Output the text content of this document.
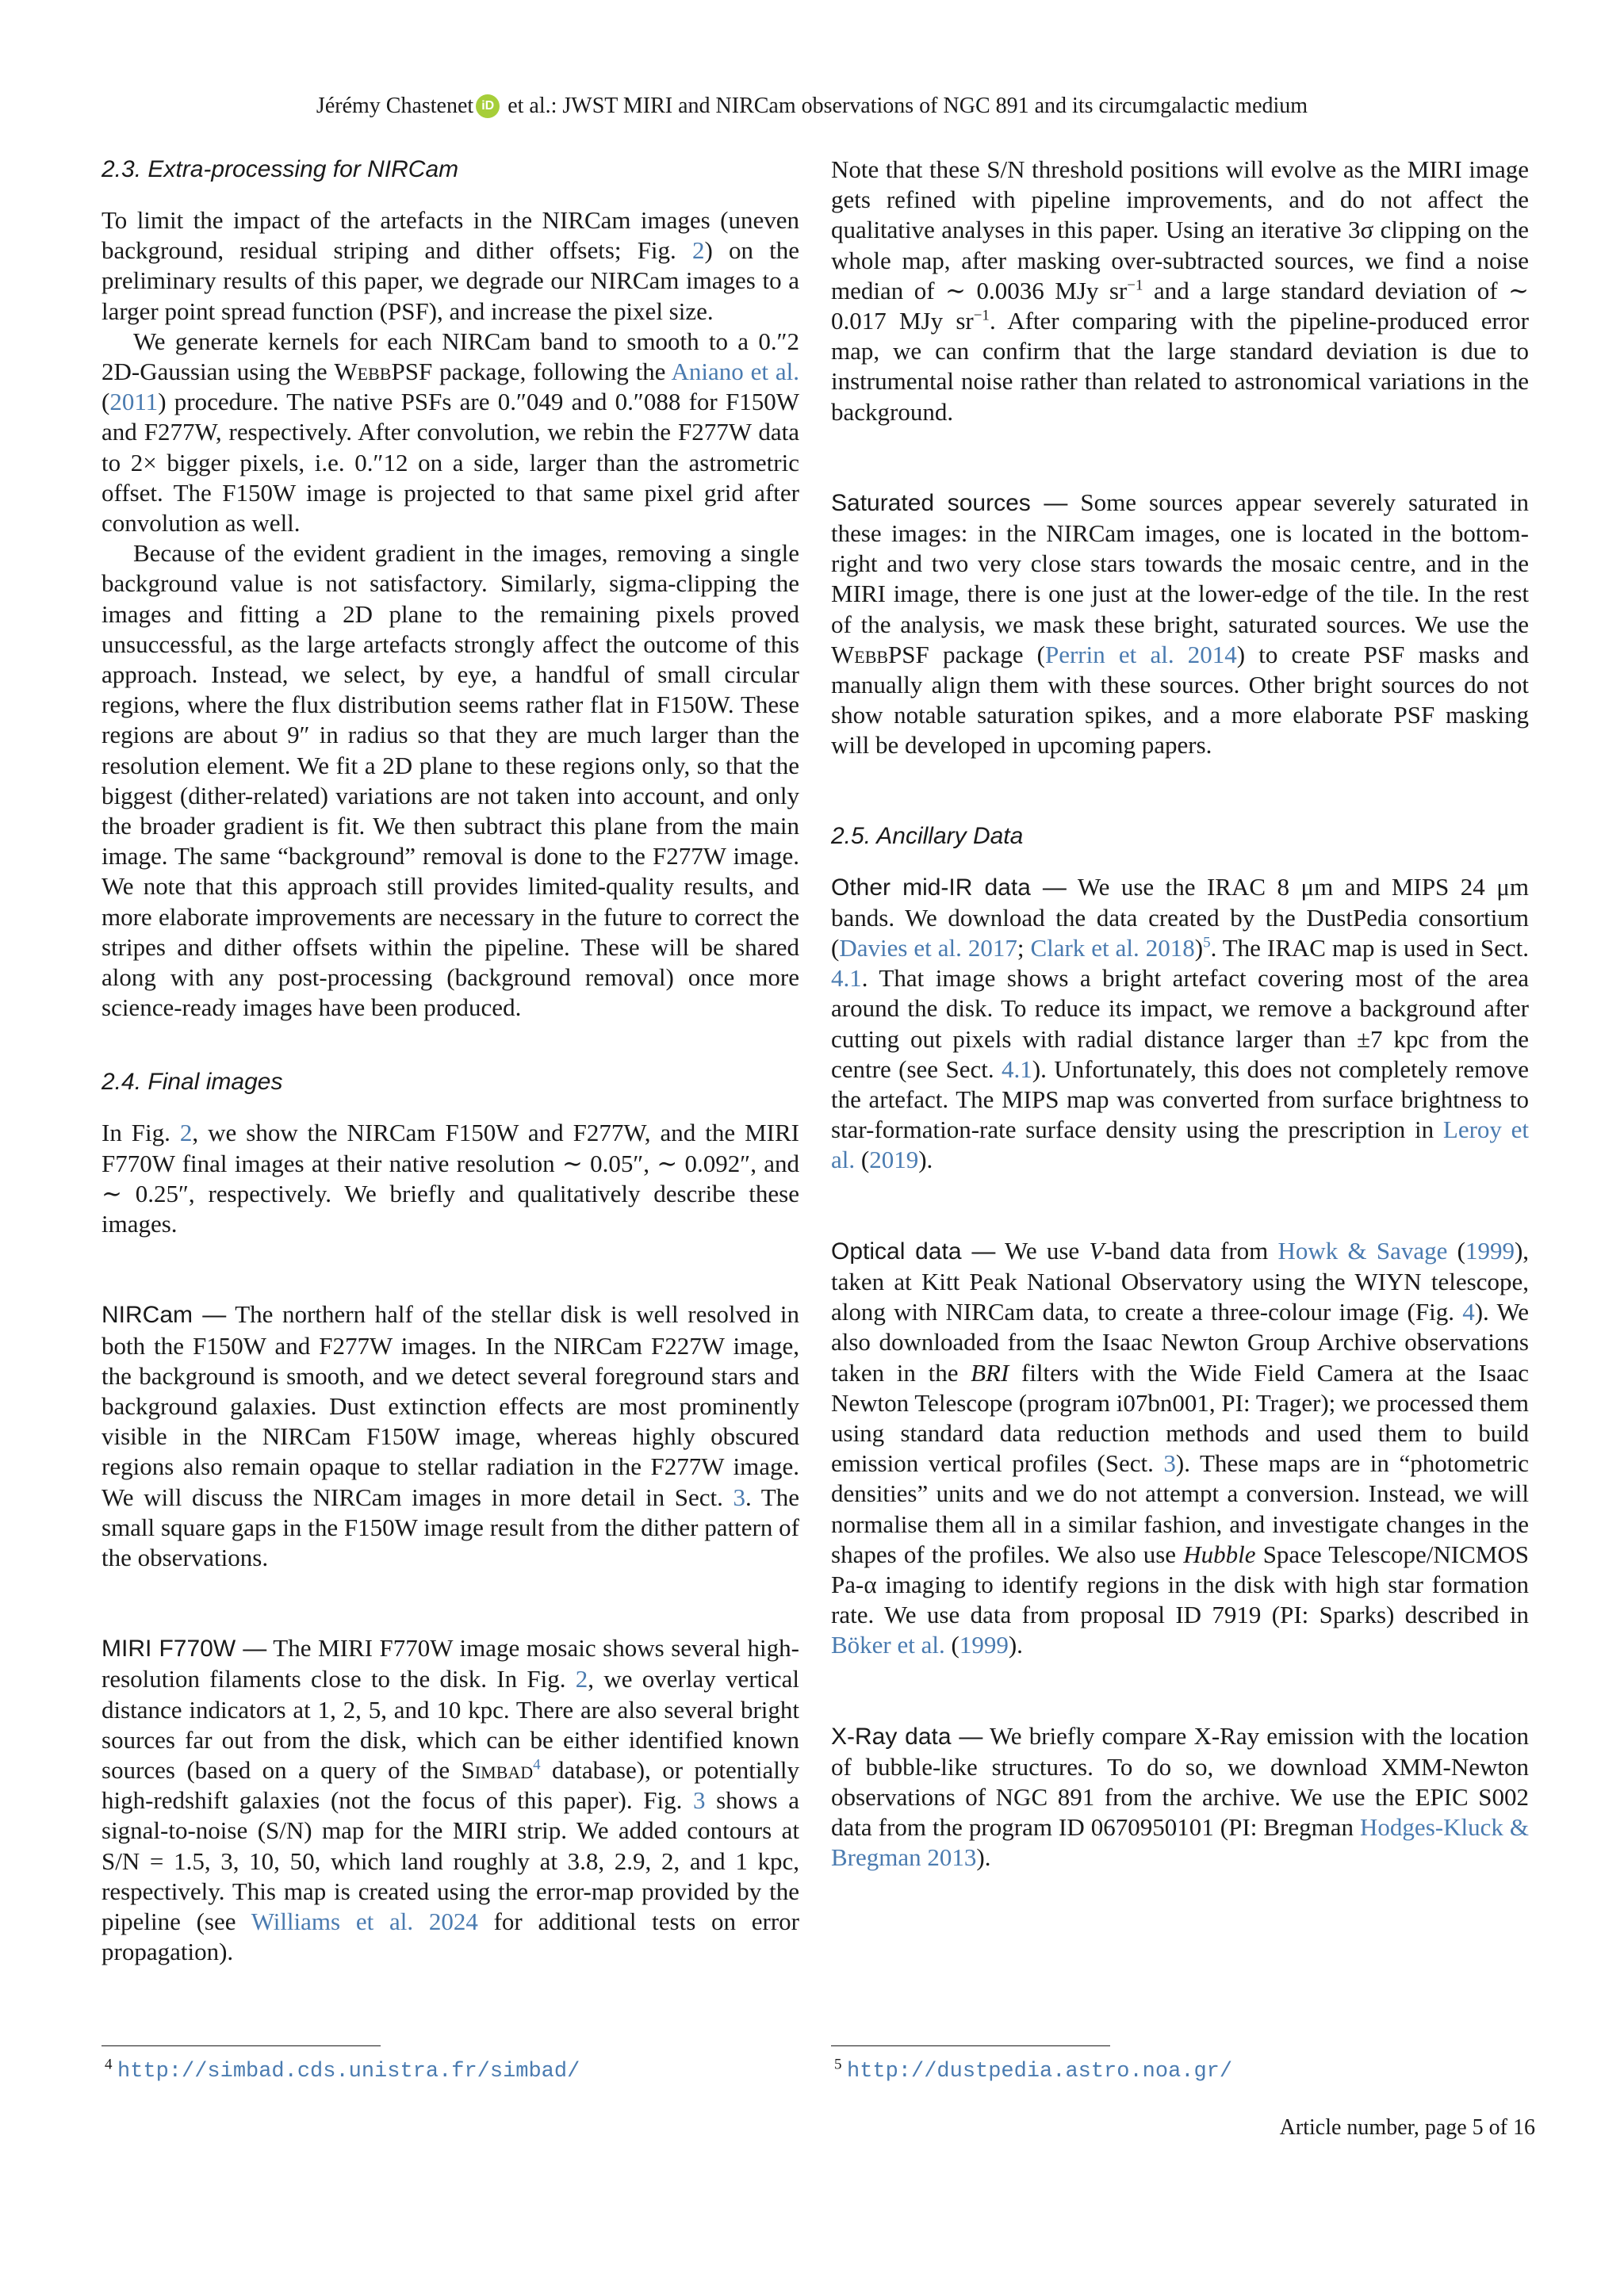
Jérémy Chastenet iD et al.: JWST MIRI and NIRCam observations of NGC 891 and its circumgalactic medium
2.3. Extra-processing for NIRCam

To limit the impact of the artefacts in the NIRCam images (uneven background, residual striping and dither offsets; Fig. 2) on the preliminary results of this paper, we degrade our NIRCam images to a larger point spread function (PSF), and increase the pixel size.

We generate kernels for each NIRCam band to smooth to a 0.″2 2D-Gaussian using the WebbPSF package, following the Aniano et al. (2011) procedure. The native PSFs are 0.″049 and 0.″088 for F150W and F277W, respectively. After convolution, we rebin the F277W data to 2× bigger pixels, i.e. 0.″12 on a side, larger than the astrometric offset. The F150W image is projected to that same pixel grid after convolution as well.

Because of the evident gradient in the images, removing a single background value is not satisfactory. Similarly, sigma-clipping the images and fitting a 2D plane to the remaining pixels proved unsuccessful, as the large artefacts strongly affect the outcome of this approach. Instead, we select, by eye, a handful of small circular regions, where the flux distribution seems rather flat in F150W. These regions are about 9″ in radius so that they are much larger than the resolution element. We fit a 2D plane to these regions only, so that the biggest (dither-related) variations are not taken into account, and only the broader gradient is fit. We then subtract this plane from the main image. The same “background” removal is done to the F277W image. We note that this approach still provides limited-quality results, and more elaborate improvements are necessary in the future to correct the stripes and dither offsets within the pipeline. These will be shared along with any post-processing (background removal) once more science-ready images have been produced.

2.4. Final images

In Fig. 2, we show the NIRCam F150W and F277W, and the MIRI F770W final images at their native resolution ∼ 0.05″, ∼ 0.092″, and ∼ 0.25″, respectively. We briefly and qualitatively describe these images.

NIRCam — The northern half of the stellar disk is well resolved in both the F150W and F277W images. In the NIRCam F227W image, the background is smooth, and we detect several foreground stars and background galaxies. Dust extinction effects are most prominently visible in the NIRCam F150W image, whereas highly obscured regions also remain opaque to stellar radiation in the F277W image. We will discuss the NIRCam images in more detail in Sect. 3. The small square gaps in the F150W image result from the dither pattern of the observations.

MIRI F770W — The MIRI F770W image mosaic shows several high-resolution filaments close to the disk. In Fig. 2, we overlay vertical distance indicators at 1, 2, 5, and 10 kpc. There are also several bright sources far out from the disk, which can be either identified known sources (based on a query of the Simbad$^4$ database), or potentially high-redshift galaxies (not the focus of this paper). Fig. 3 shows a signal-to-noise (S/N) map for the MIRI strip. We added contours at S/N = 1.5, 3, 10, 50, which land roughly at 3.8, 2.9, 2, and 1 kpc, respectively. This map is created using the error-map provided by the pipeline (see Williams et al. 2024 for additional tests on error propagation).

Note that these S/N threshold positions will evolve as the MIRI image gets refined with pipeline improvements, and do not affect the qualitative analyses in this paper. Using an iterative 3σ clipping on the whole map, after masking over-subtracted sources, we find a noise median of ∼ 0.0036 MJy $sr^{-1}$ and a large standard deviation of ∼ 0.017 MJy $sr^{-1}$. After comparing with the pipeline-produced error map, we can confirm that the large standard deviation is due to instrumental noise rather than related to astronomical variations in the background.

Saturated sources — Some sources appear severely saturated in these images: in the NIRCam images, one is located in the bottom-right and two very close stars towards the mosaic centre, and in the MIRI image, there is one just at the lower-edge of the tile. In the rest of the analysis, we mask these bright, saturated sources. We use the WebbPSF package (Perrin et al. 2014) to create PSF masks and manually align them with these sources. Other bright sources do not show notable saturation spikes, and a more elaborate PSF masking will be developed in upcoming papers.

2.5. Ancillary Data

Other mid-IR data — We use the IRAC 8 μm and MIPS 24 μm bands. We download the data created by the DustPedia consortium (Davies et al. 2017; Clark et al. 2018)$^5$. The IRAC map is used in Sect. 4.1. That image shows a bright artefact covering most of the area around the disk. To reduce its impact, we remove a background after cutting out pixels with radial distance larger than ±7 kpc from the centre (see Sect. 4.1). Unfortunately, this does not completely remove the artefact. The MIPS map was converted from surface brightness to star-formation-rate surface density using the prescription in Leroy et al. (2019).

Optical data — We use V-band data from Howk & Savage (1999), taken at Kitt Peak National Observatory using the WIYN telescope, along with NIRCam data, to create a three-colour image (Fig. 4). We also downloaded from the Isaac Newton Group Archive observations taken in the BRI filters with the Wide Field Camera at the Isaac Newton Telescope (program i07bn001, PI: Trager); we processed them using standard data reduction methods and used them to build emission vertical profiles (Sect. 3). These maps are in “photometric densities” units and we do not attempt a conversion. Instead, we will normalise them all in a similar fashion, and investigate changes in the shapes of the profiles. We also use Hubble Space Telescope/NICMOS Pa-α imaging to identify regions in the disk with high star formation rate. We use data from proposal ID 7919 (PI: Sparks) described in Böker et al. (1999).

X-Ray data — We briefly compare X-Ray emission with the location of bubble-like structures. To do so, we download XMM-Newton observations of NGC 891 from the archive. We use the EPIC S002 data from the program ID 0670950101 (PI: Bregman Hodges-Kluck & Bregman 2013).

$^4$ http://simbad.cds.unistra.fr/simbad/	$^5$ http://dustpedia.astro.noa.gr/
Article number, page 5 of 16
